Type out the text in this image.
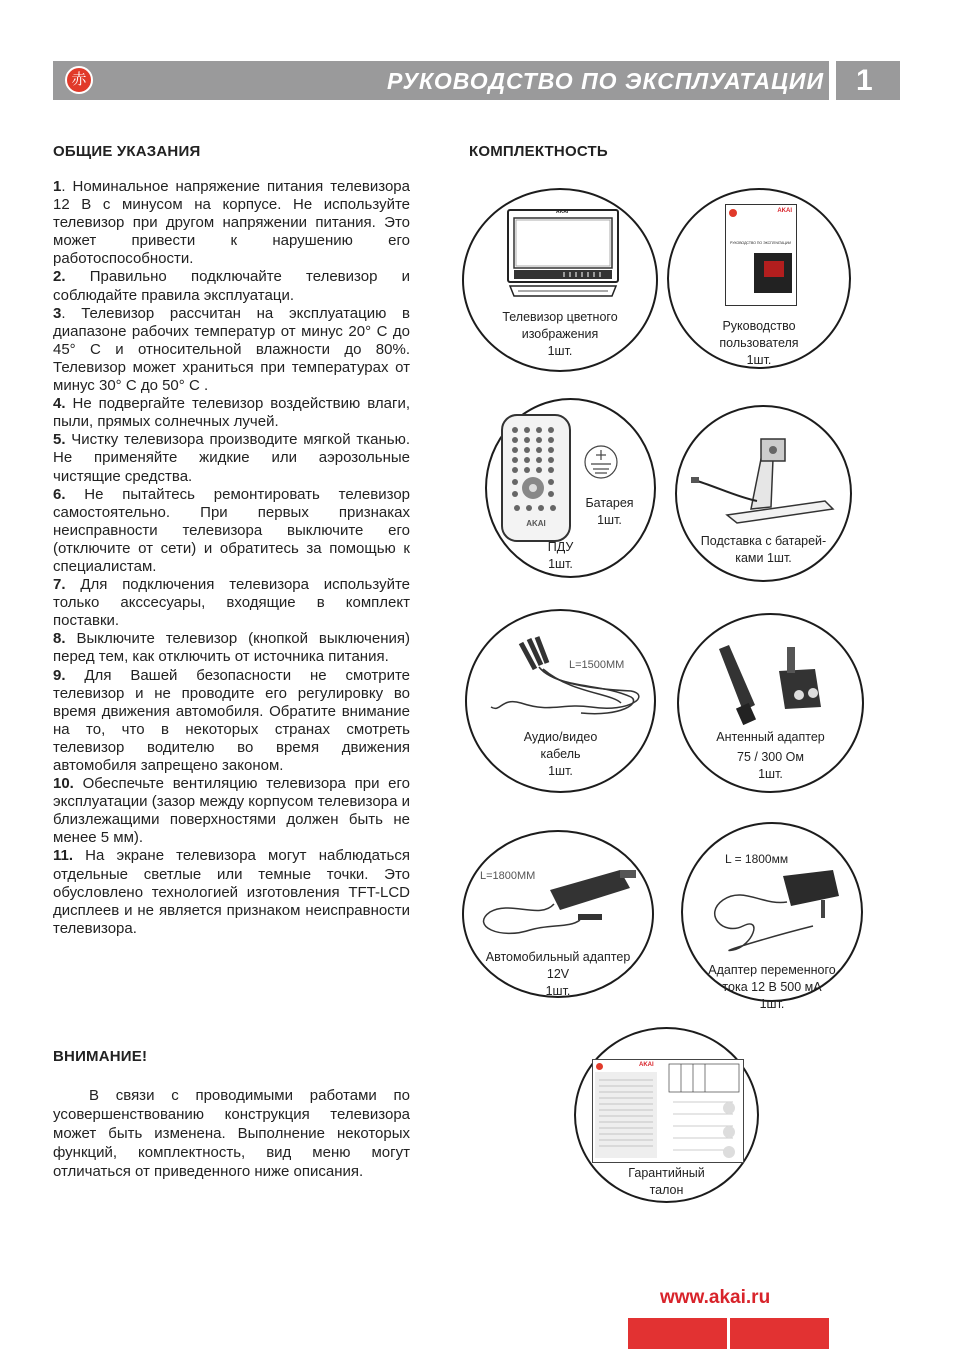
赤	РУКОВОДСТВО ПО ЭКСПЛУАТАЦИИ	1
ОБЩИЕ УКАЗАНИЯ

1. Номинальное напряжение питания телевизора 12 В с минусом на корпусе. Не используйте телевизор при другом напряжении питания. Это может привести к нарушению его работоспособности.

2. Правильно подключайте телевизор и соблюдайте правила эксплуатаци.

3. Телевизор рассчитан на эксплуатацию в диапазоне рабочих температур от минус 20° С до 45° С и относительной влажности до 80%. Телевизор может храниться при температурах от минус 30° С до 50° С .

4. Не подвергайте телевизор воздействию влаги, пыли, прямых солнечных лучей.

5. Чистку телевизора производите мягкой тканью. Не применяйте жидкие или аэрозольные чистящие средства.

6. Не пытайтесь ремонтировать телевизор самостоятельно. При первых признаках неисправности телевизора выключите его (отключите от сети) и обратитесь за помощью к специалистам.

7. Для подключения телевизора используйте только акссесуары, входящие в комплект поставки.

8. Выключите телевизор (кнопкой выключения) перед тем, как отключить от источника питания.

9. Для Вашей безопасности не смотрите телевизор и не проводите его регулировку во время движения автомобиля. Обратите внимание на то, что в некоторых странах смотреть телевизор водителю во время движения автомобиля запрещено законом.

10. Обеспечьте вентиляцию телевизора при его эксплуатации (зазор между корпусом телевизора и близлежащими поверхностями должен быть не менее 5 мм).

11. На экране телевизора могут наблюдаться отдельные светлые или темные точки. Это обусловлено технологией изготовления TFT-LCD дисплеев и не является признаком неисправности телевизора.

ВНИМАНИЕ!
В связи с проводимыми работами по усовершенствованию конструкция телевизора может быть изменена. Выполнение некоторых функций, комплектность, вид меню могут отличаться от приведенного ниже описания.
КОМПЛЕКТНОСТЬ
AKAI
Телевизор цветного
изображения
1шт.
AKAI
РУКОВОДСТВО ПО ЭКСПЛУАТАЦИИ
Руководство
пользователя
1шт.
AKAI
Батарея
1шт.
ПДУ
1шт.
Подставка с батарей-
ками 1шт.
L=1500MM
Аудио/видео
кабель
1шт.
Антенный адаптер
75 / 300 Ом
1шт.
L=1800MM
Автомобильный адаптер
12V
1шт.
L = 1800мм
Адаптер переменного
тока 12 В 500 мА
1шт.
AKAI
Гарантийный
талон
www.akai.ru
